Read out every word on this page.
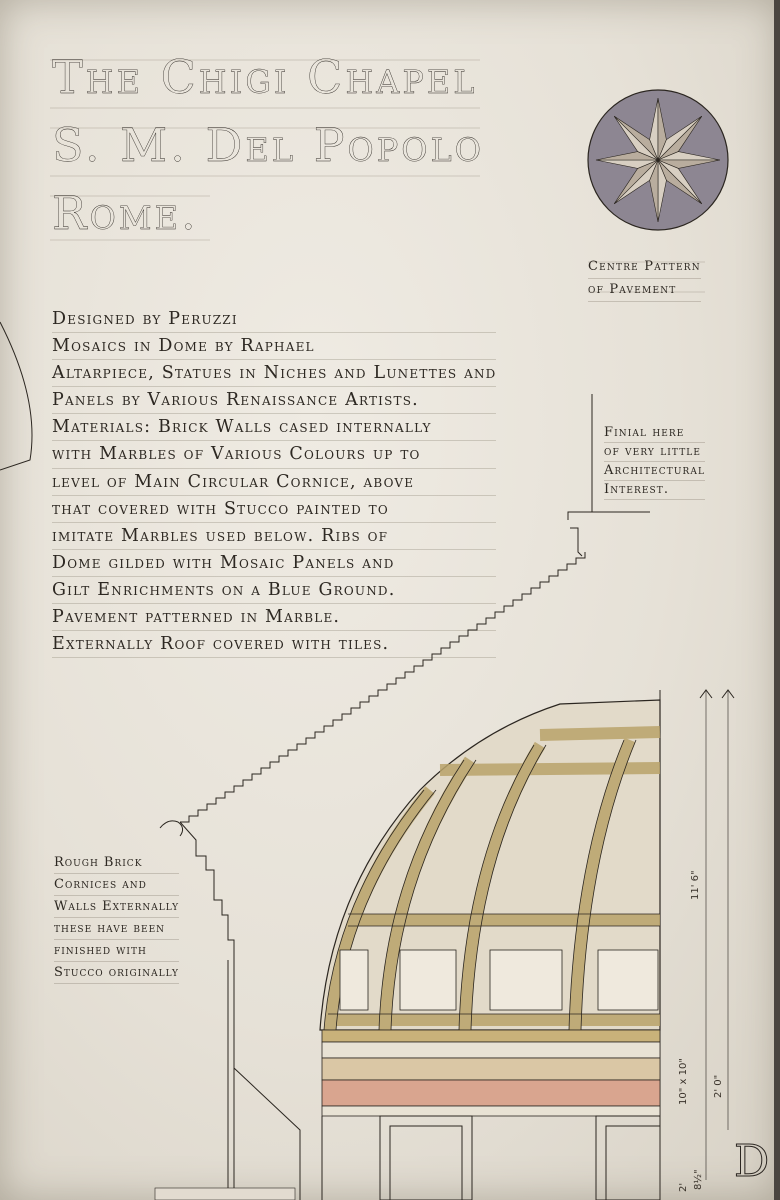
The Chigi Chapel
S. M. Del Popolo
Rome.
Centre Pattern
of Pavement
Designed by Peruzzi
Mosaics in Dome by Raphael
Altarpiece, Statues in Niches and Lunettes and
Panels by Various Renaissance Artists.
Materials: Brick Walls cased internally
with Marbles of Various Colours up to
level of Main Circular Cornice, above
that covered with Stucco painted to
imitate Marbles used below. Ribs of
Dome gilded with Mosaic Panels and
Gilt Enrichments on a Blue Ground.
Pavement patterned in Marble.
Externally Roof covered with tiles.
Finial here
of very little
Architectural
Interest.
Rough Brick
Cornices and
Walls Externally
these have been
finished with
Stucco originally
11' 6"
2' 0"
10" x 10"
8½"
2'
D
